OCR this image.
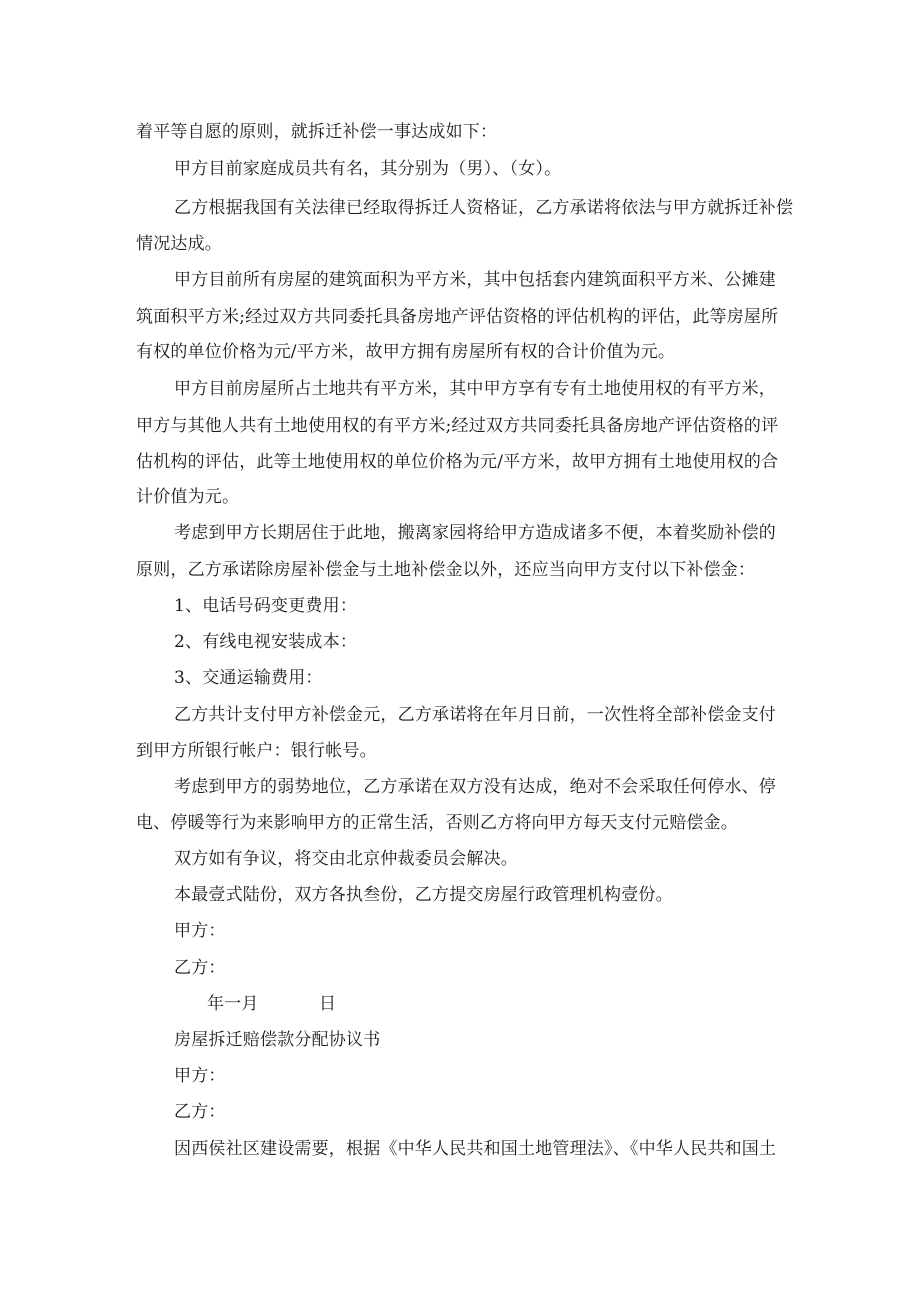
着平等自愿的原则，就拆迁补偿一事达成如下：

甲方目前家庭成员共有名，其分别为（男）、（女）。

乙方根据我国有关法律已经取得拆迁人资格证，乙方承诺将依法与甲方就拆迁补偿

情况达成。

甲方目前所有房屋的建筑面积为平方米，其中包括套内建筑面积平方米、公摊建

筑面积平方米;经过双方共同委托具备房地产评估资格的评估机构的评估，此等房屋所

有权的单位价格为元/平方米，故甲方拥有房屋所有权的合计价值为元。

甲方目前房屋所占土地共有平方米，其中甲方享有专有土地使用权的有平方米，

甲方与其他人共有土地使用权的有平方米;经过双方共同委托具备房地产评估资格的评

估机构的评估，此等土地使用权的单位价格为元/平方米，故甲方拥有土地使用权的合

计价值为元。

考虑到甲方长期居住于此地，搬离家园将给甲方造成诸多不便，本着奖励补偿的

原则，乙方承诺除房屋补偿金与土地补偿金以外，还应当向甲方支付以下补偿金：

1、电话号码变更费用：

2、有线电视安装成本：

3、交通运输费用：

乙方共计支付甲方补偿金元，乙方承诺将在年月日前，一次性将全部补偿金支付

到甲方所银行帐户：银行帐号。

考虑到甲方的弱势地位，乙方承诺在双方没有达成，绝对不会采取任何停水、停

电、停暖等行为来影响甲方的正常生活，否则乙方将向甲方每天支付元赔偿金。

双方如有争议，将交由北京仲裁委员会解决。

本最壹式陆份，双方各执叁份，乙方提交房屋行政管理机构壹份。

甲方：

乙方：

年一月	日

房屋拆迁赔偿款分配协议书

甲方：

乙方：

因西侯社区建设需要，根据《中华人民共和国土地管理法》、《中华人民共和国土
